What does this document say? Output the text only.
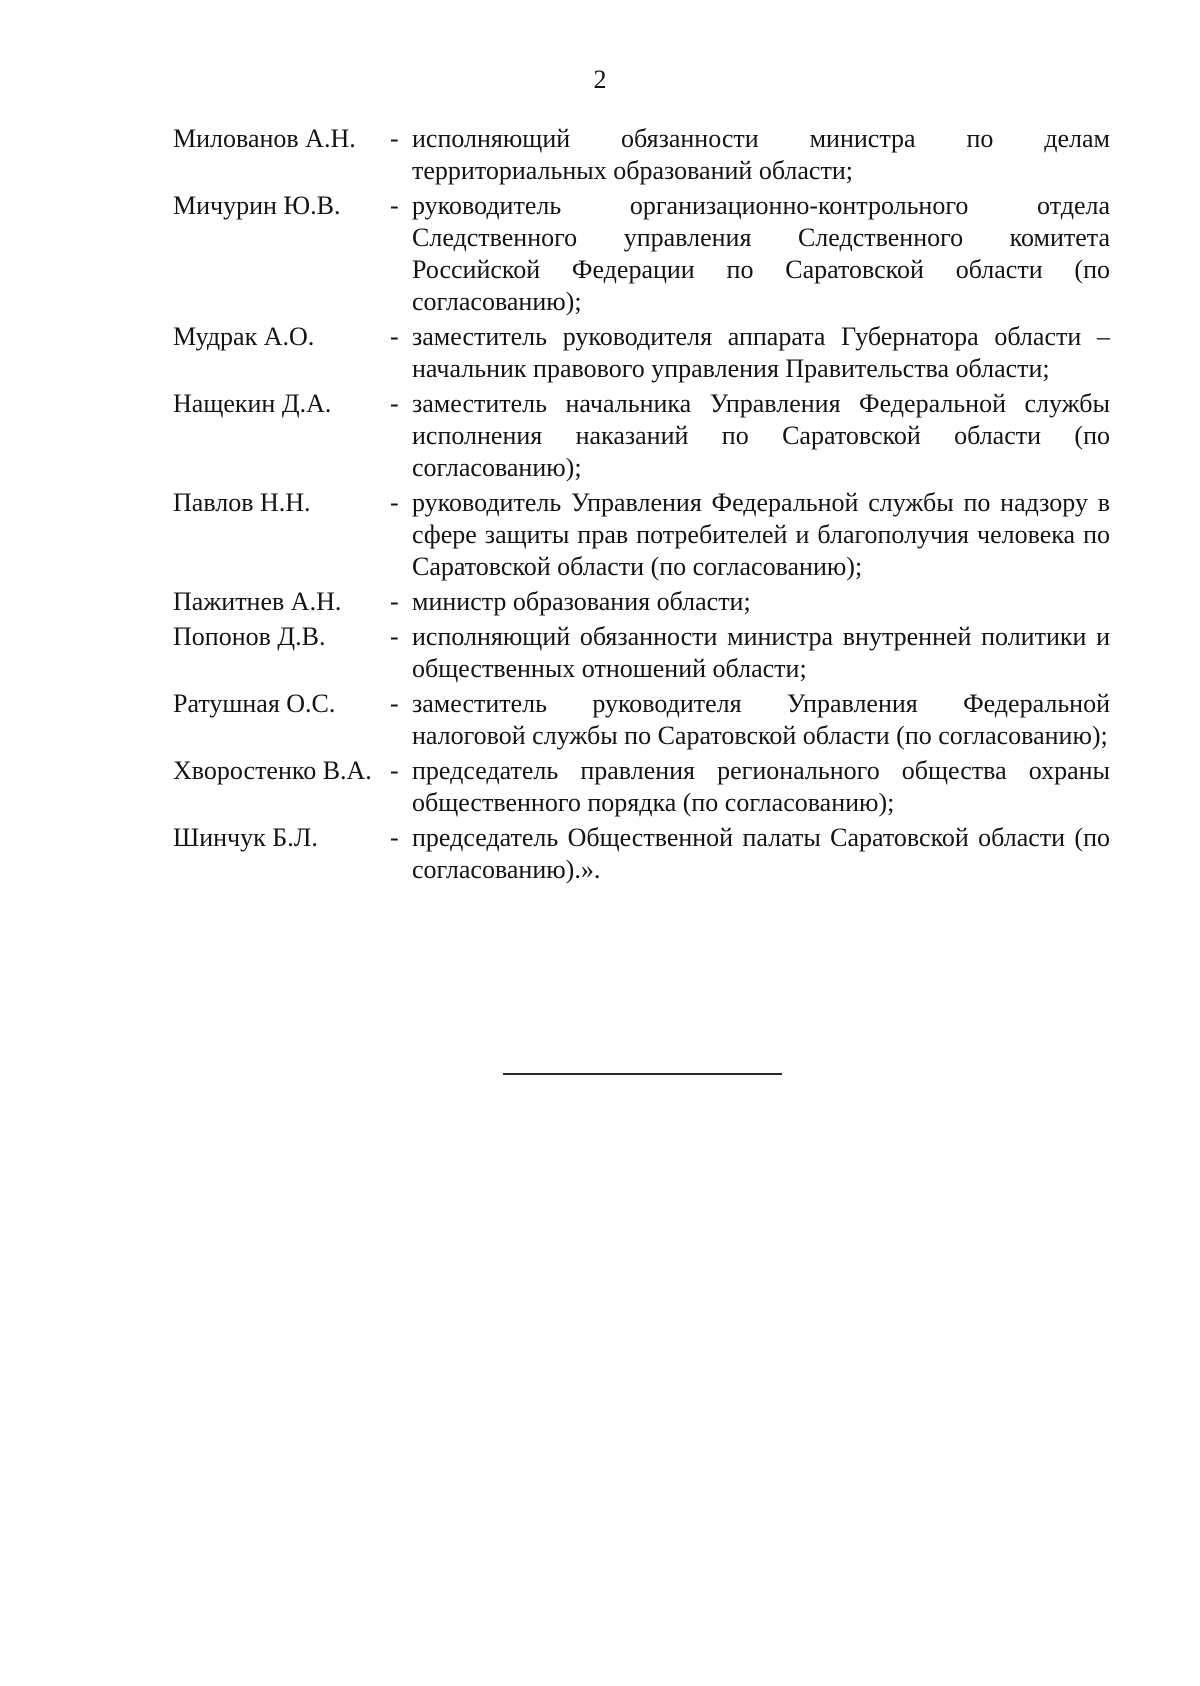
2
Милованов А.Н.	- исполняющий обязанности министра по делам территориальных образований области;
Мичурин Ю.В.	- руководитель организационно-контрольного отдела Следственного управления Следственного комитета Российской Федерации по Саратовской области (по согласованию);
Мудрак А.О.	- заместитель руководителя аппарата Губернатора области – начальник правового управления Правительства области;
Нащекин Д.А.	- заместитель начальника Управления Федеральной службы исполнения наказаний по Саратовской области (по согласованию);
Павлов Н.Н.	- руководитель Управления Федеральной службы по надзору в сфере защиты прав потребителей и благополучия человека по Саратовской области (по согласованию);
Пажитнев А.Н.	- министр образования области;
Попонов Д.В.	- исполняющий обязанности министра внутренней политики и общественных отношений области;
Ратушная О.С.	- заместитель руководителя Управления Федеральной налоговой службы по Саратовской области (по согласованию);
Хворостенко В.А. - председатель правления регионального общества охраны общественного порядка (по согласованию);
Шинчук Б.Л.	- председатель Общественной палаты Саратовской области (по согласованию).».
